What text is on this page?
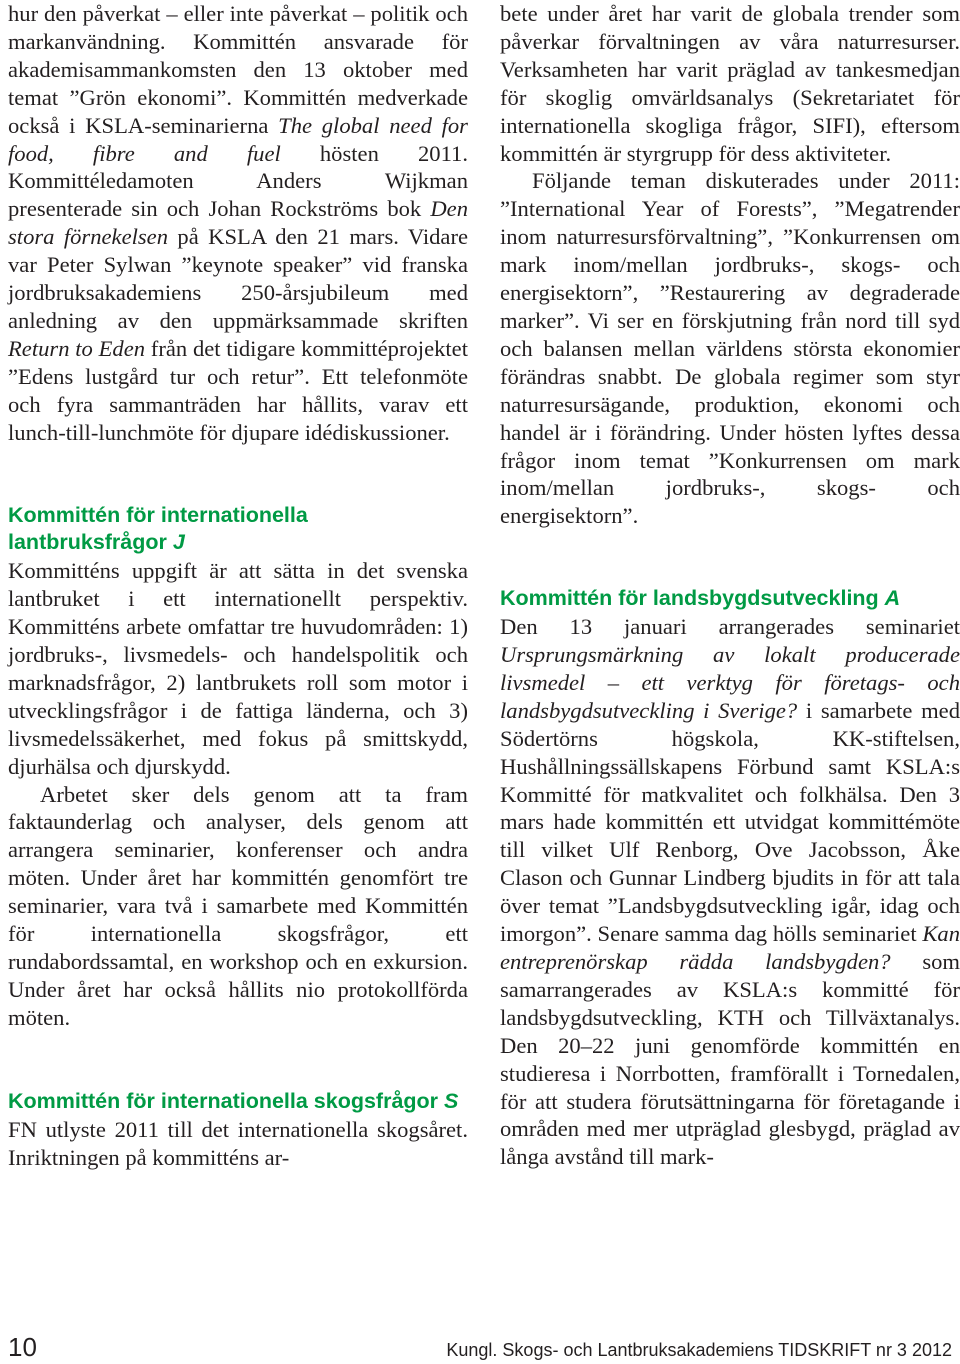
hur den påverkat – eller inte påverkat – politik och markanvändning. Kommittén ansvarade för akademisammankomsten den 13 oktober med temat ”Grön ekonomi”. Kommittén medverkade också i KSLA-seminarierna The global need for food, fibre and fuel hösten 2011. Kommittéledamoten Anders Wijkman presenterade sin och Johan Rockströms bok Den stora förnekelsen på KSLA den 21 mars. Vidare var Peter Sylwan ”keynote speaker” vid franska jordbruksakademiens 250-årsjubileum med anledning av den uppmärksammade skriften Return to Eden från det tidigare kommittéprojektet ”Edens lustgård tur och retur”. Ett telefonmöte och fyra sammanträden har hållits, varav ett lunch-till-lunchmöte för djupare idédiskussioner.

Kommittén för internationella lantbruksfrågor J

Kommitténs uppgift är att sätta in det svenska lantbruket i ett internationellt perspektiv. Kommitténs arbete omfattar tre huvudområden: 1) jordbruks-, livsmedels- och handelspolitik och marknadsfrågor, 2) lantbrukets roll som motor i utvecklingsfrågor i de fattiga länderna, och 3) livsmedelssäkerhet, med fokus på smittskydd, djurhälsa och djurskydd.

Arbetet sker dels genom att ta fram faktaunderlag och analyser, dels genom att arrangera seminarier, konferenser och andra möten. Under året har kommittén genomfört tre seminarier, vara två i samarbete med Kommittén för internationella skogsfrågor, ett rundabordssamtal, en workshop och en exkursion. Under året har också hållits nio protokollförda möten.

Kommittén för internationella skogsfrågor S

FN utlyste 2011 till det internationella skogsåret. Inriktningen på kommitténs ar-

bete under året har varit de globala trender som påverkar förvaltningen av våra naturresurser. Verksamheten har varit präglad av tankesmedjan för skoglig omvärldsanalys (Sekretariatet för internationella skogliga frågor, SIFI), eftersom kommittén är styrgrupp för dess aktiviteter.

Följande teman diskuterades under 2011: ”International Year of Forests”, ”Megatrender inom naturresursförvaltning”, ”Konkurrensen om mark inom/mellan jordbruks-, skogs- och energisektorn”, ”Restaurering av degraderade marker”. Vi ser en förskjutning från nord till syd och balansen mellan världens största ekonomier förändras snabbt. De globala regimer som styr naturresursägande, produktion, ekonomi och handel är i förändring. Under hösten lyftes dessa frågor inom temat ”Konkurrensen om mark inom/mellan jordbruks-, skogs- och energisektorn”.

Kommittén för landsbygdsutveckling A

Den 13 januari arrangerades seminariet Ursprungsmärkning av lokalt producerade livsmedel – ett verktyg för företags- och landsbygdsutveckling i Sverige? i samarbete med Södertörns högskola, KK-stiftelsen, Hushållningssällskapens Förbund samt KSLA:s Kommitté för matkvalitet och folkhälsa. Den 3 mars hade kommittén ett utvidgat kommittémöte till vilket Ulf Renborg, Ove Jacobsson, Åke Clason och Gunnar Lindberg bjudits in för att tala över temat ”Landsbygdsutveckling igår, idag och imorgon”. Senare samma dag hölls seminariet Kan entreprenörskap rädda landsbygden? som samarrangerades av KSLA:s kommitté för landsbygdsutveckling, KTH och Tillväxtanalys. Den 20–22 juni genomförde kommittén en studieresa i Norrbotten, framförallt i Tornedalen, för att studera förutsättningarna för företagande i områden med mer utpräglad glesbygd, präglad av långa avstånd till mark-

10	Kungl. Skogs- och Lantbruksakademiens TIDSKRIFT nr 3 2012
